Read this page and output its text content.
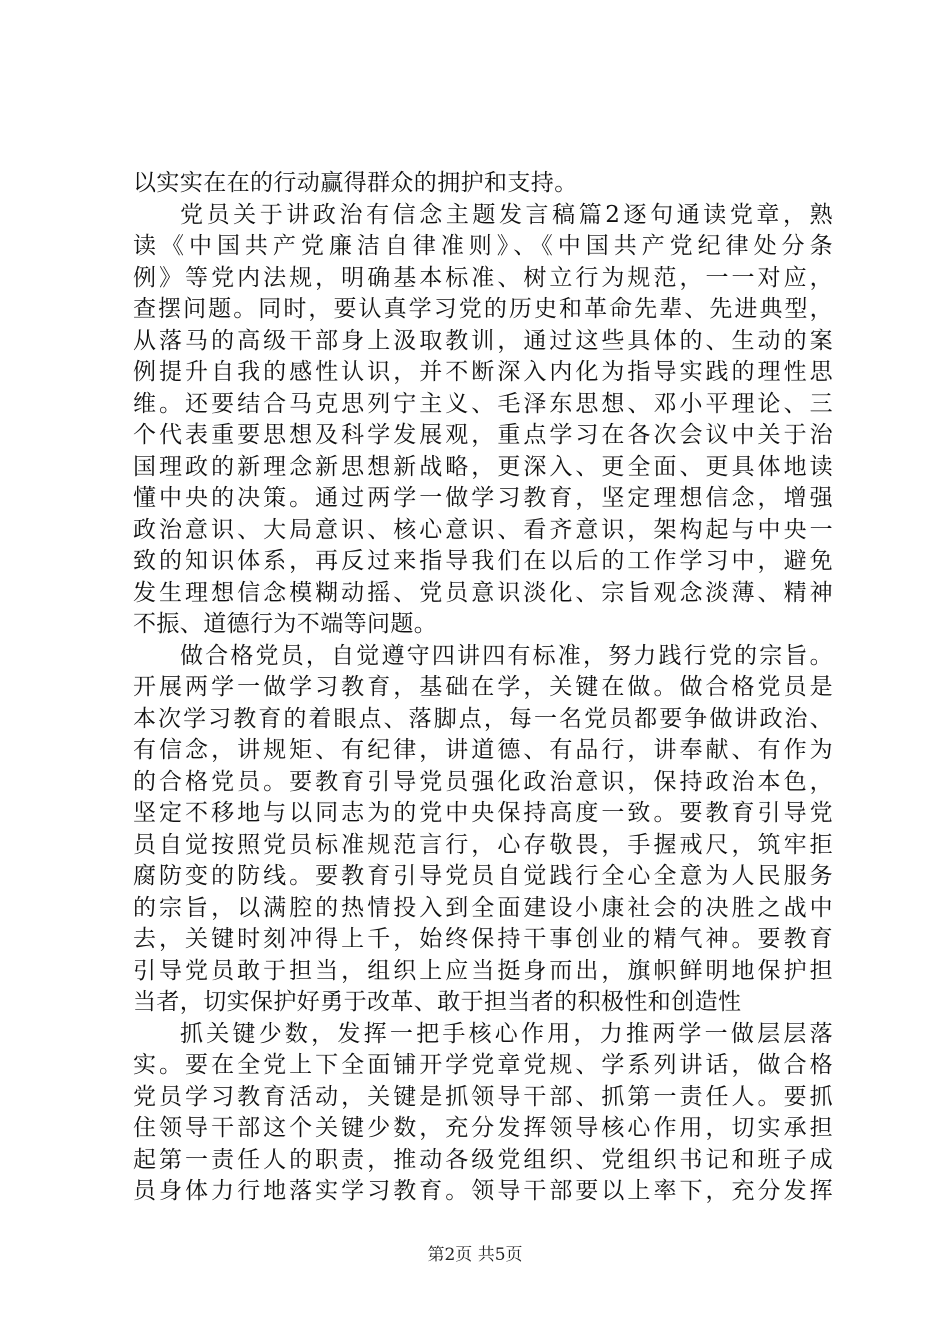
以实实在在的行动赢得群众的拥护和支持。

党员关于讲政治有信念主题发言稿篇2逐句通读党章，熟
读《中国共产党廉洁自律准则》、《中国共产党纪律处分条
例》等党内法规，明确基本标准、树立行为规范，一一对应，
查摆问题。同时，要认真学习党的历史和革命先辈、先进典型，
从落马的高级干部身上汲取教训，通过这些具体的、生动的案
例提升自我的感性认识，并不断深入内化为指导实践的理性思
维。还要结合马克思列宁主义、毛泽东思想、邓小平理论、三
个代表重要思想及科学发展观，重点学习在各次会议中关于治
国理政的新理念新思想新战略，更深入、更全面、更具体地读
懂中央的决策。通过两学一做学习教育，坚定理想信念，增强
政治意识、大局意识、核心意识、看齐意识，架构起与中央一
致的知识体系，再反过来指导我们在以后的工作学习中，避免
发生理想信念模糊动摇、党员意识淡化、宗旨观念淡薄、精神
不振、道德行为不端等问题。

做合格党员，自觉遵守四讲四有标准，努力践行党的宗旨。
开展两学一做学习教育，基础在学，关键在做。做合格党员是
本次学习教育的着眼点、落脚点，每一名党员都要争做讲政治、
有信念，讲规矩、有纪律，讲道德、有品行，讲奉献、有作为
的合格党员。要教育引导党员强化政治意识，保持政治本色，
坚定不移地与以同志为的党中央保持高度一致。要教育引导党
员自觉按照党员标准规范言行，心存敬畏，手握戒尺，筑牢拒
腐防变的防线。要教育引导党员自觉践行全心全意为人民服务
的宗旨，以满腔的热情投入到全面建设小康社会的决胜之战中
去，关键时刻冲得上千，始终保持干事创业的精气神。要教育
引导党员敢于担当，组织上应当挺身而出，旗帜鲜明地保护担
当者，切实保护好勇于改革、敢于担当者的积极性和创造性

抓关键少数，发挥一把手核心作用，力推两学一做层层落
实。要在全党上下全面铺开学党章党规、学系列讲话，做合格
党员学习教育活动，关键是抓领导干部、抓第一责任人。要抓
住领导干部这个关键少数，充分发挥领导核心作用，切实承担
起第一责任人的职责，推动各级党组织、党组织书记和班子成
员身体力行地落实学习教育。领导干部要以上率下，充分发挥

第2页 共5页
